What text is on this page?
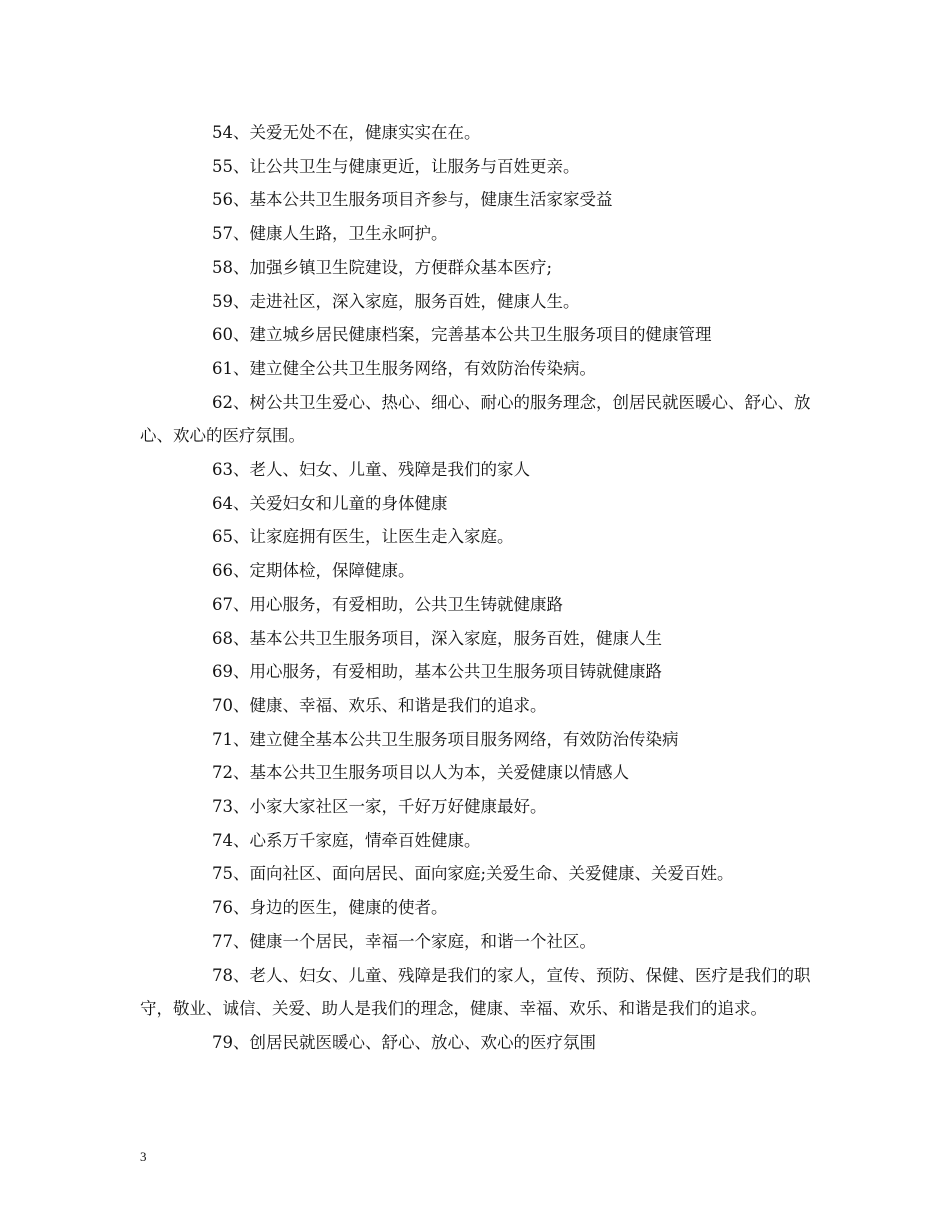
54、关爱无处不在，健康实实在在。

55、让公共卫生与健康更近，让服务与百姓更亲。

56、基本公共卫生服务项目齐参与，健康生活家家受益

57、健康人生路，卫生永呵护。

58、加强乡镇卫生院建设，方便群众基本医疗;

59、走进社区，深入家庭，服务百姓，健康人生。

60、建立城乡居民健康档案，完善基本公共卫生服务项目的健康管理

61、建立健全公共卫生服务网络，有效防治传染病。

62、树公共卫生爱心、热心、细心、耐心的服务理念，创居民就医暖心、舒心、放心、欢心的医疗氛围。

63、老人、妇女、儿童、残障是我们的家人

64、关爱妇女和儿童的身体健康

65、让家庭拥有医生，让医生走入家庭。

66、定期体检，保障健康。

67、用心服务，有爱相助，公共卫生铸就健康路

68、基本公共卫生服务项目，深入家庭，服务百姓，健康人生

69、用心服务，有爱相助，基本公共卫生服务项目铸就健康路

70、健康、幸福、欢乐、和谐是我们的追求。

71、建立健全基本公共卫生服务项目服务网络，有效防治传染病

72、基本公共卫生服务项目以人为本，关爱健康以情感人

73、小家大家社区一家，千好万好健康最好。

74、心系万千家庭，情牵百姓健康。

75、面向社区、面向居民、面向家庭;关爱生命、关爱健康、关爱百姓。

76、身边的医生，健康的使者。

77、健康一个居民，幸福一个家庭，和谐一个社区。

78、老人、妇女、儿童、残障是我们的家人，宣传、预防、保健、医疗是我们的职守，敬业、诚信、关爱、助人是我们的理念，健康、幸福、欢乐、和谐是我们的追求。

79、创居民就医暖心、舒心、放心、欢心的医疗氛围

3
